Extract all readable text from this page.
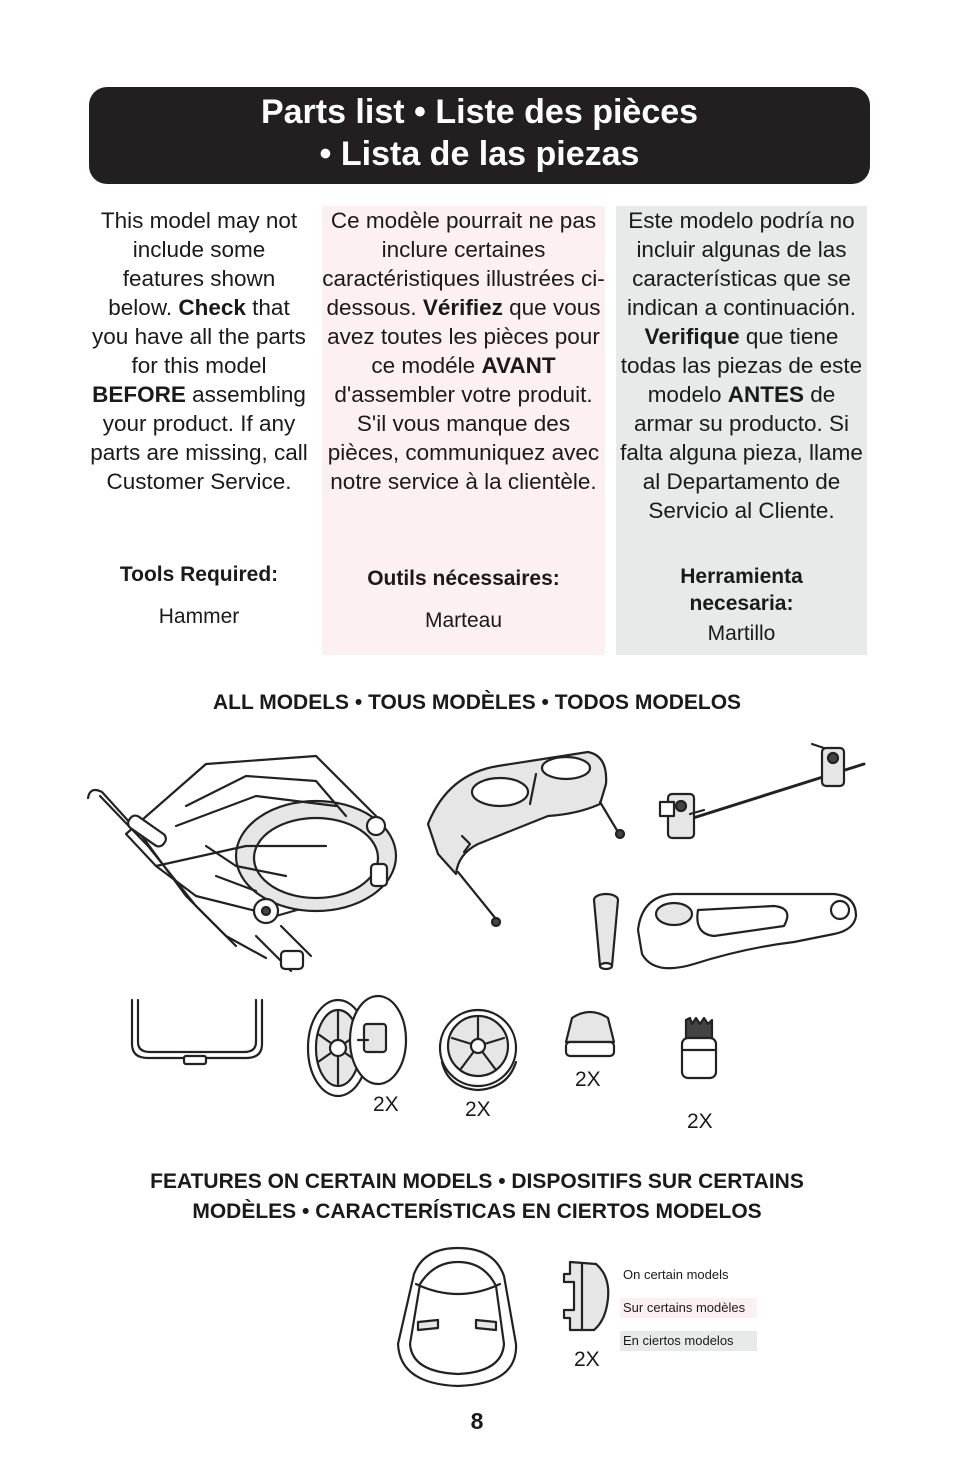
Parts list • Liste des pièces
• Lista de las piezas

This model may not include some features shown below. Check that you have all the parts for this model BEFORE assembling your product. If any parts are missing, call Customer Service.

Tools Required:
Hammer

Ce modèle pourrait ne pas inclure certaines caractéristiques illustrées ci-dessous. Vérifiez que vous avez toutes les pièces pour ce modéle AVANT d'assembler votre produit. S'il vous manque des pièces, communiquez avec notre service à la clientèle.

Outils nécessaires:
Marteau

Este modelo podría no incluir algunas de las características que se indican a continuación. Verifique que tiene todas las piezas de este modelo ANTES de armar su producto. Si falta alguna pieza, llame al Departamento de Servicio al Cliente.

Herramienta necesaria:
Martillo
ALL MODELS • TOUS MODÈLES • TODOS MODELOS
2X	2X
2X
2X
FEATURES ON CERTAIN MODELS • DISPOSITIFS SUR CERTAINS
MODÈLES • CARACTERÍSTICAS EN CIERTOS MODELOS
2X
On certain models
Sur certains modèles
En ciertos modelos
8
